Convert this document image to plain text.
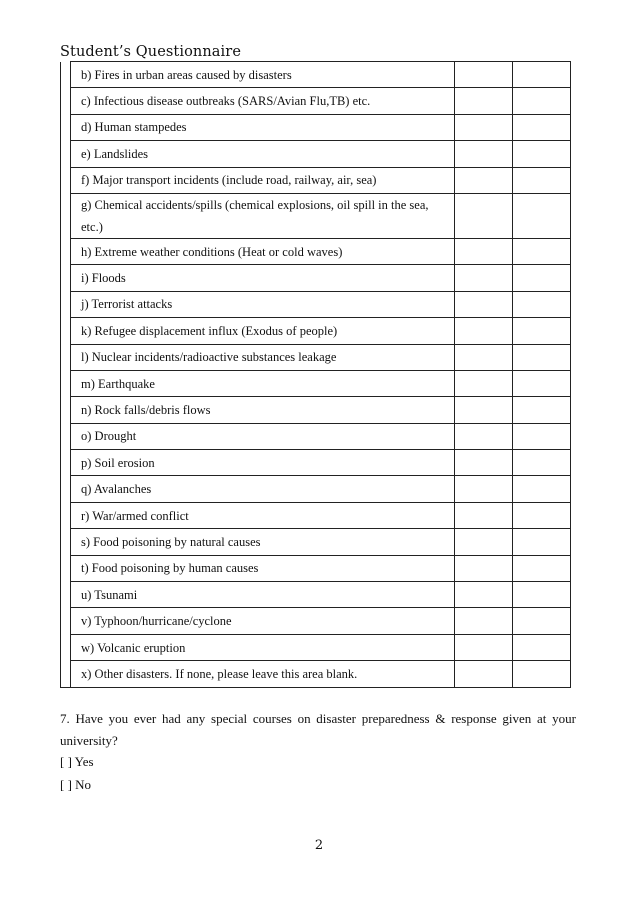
Student’s Questionnaire
	b) Fires in urban areas caused by disasters		
	c) Infectious disease outbreaks (SARS/Avian Flu,TB) etc.		
	d) Human stampedes		
	e) Landslides		
	f) Major transport incidents (include road, railway, air, sea)		
	g) Chemical accidents/spills (chemical explosions, oil spill in the sea, etc.)		
	h) Extreme weather conditions (Heat or cold waves)		
	i) Floods		
	j) Terrorist attacks		
	k) Refugee displacement influx (Exodus of people)		
	l) Nuclear incidents/radioactive substances leakage		
	m) Earthquake		
	n) Rock falls/debris flows		
	o) Drought		
	p) Soil erosion		
	q) Avalanches		
	r) War/armed conflict		
	s) Food poisoning by natural causes		
	t) Food poisoning by human causes		
	u) Tsunami		
	v) Typhoon/hurricane/cyclone		
	w) Volcanic eruption		
	x) Other disasters. If none, please leave this area blank.		
7. Have you ever had any special courses on disaster preparedness & response given at your university?
[ ] Yes
[ ] No
2
